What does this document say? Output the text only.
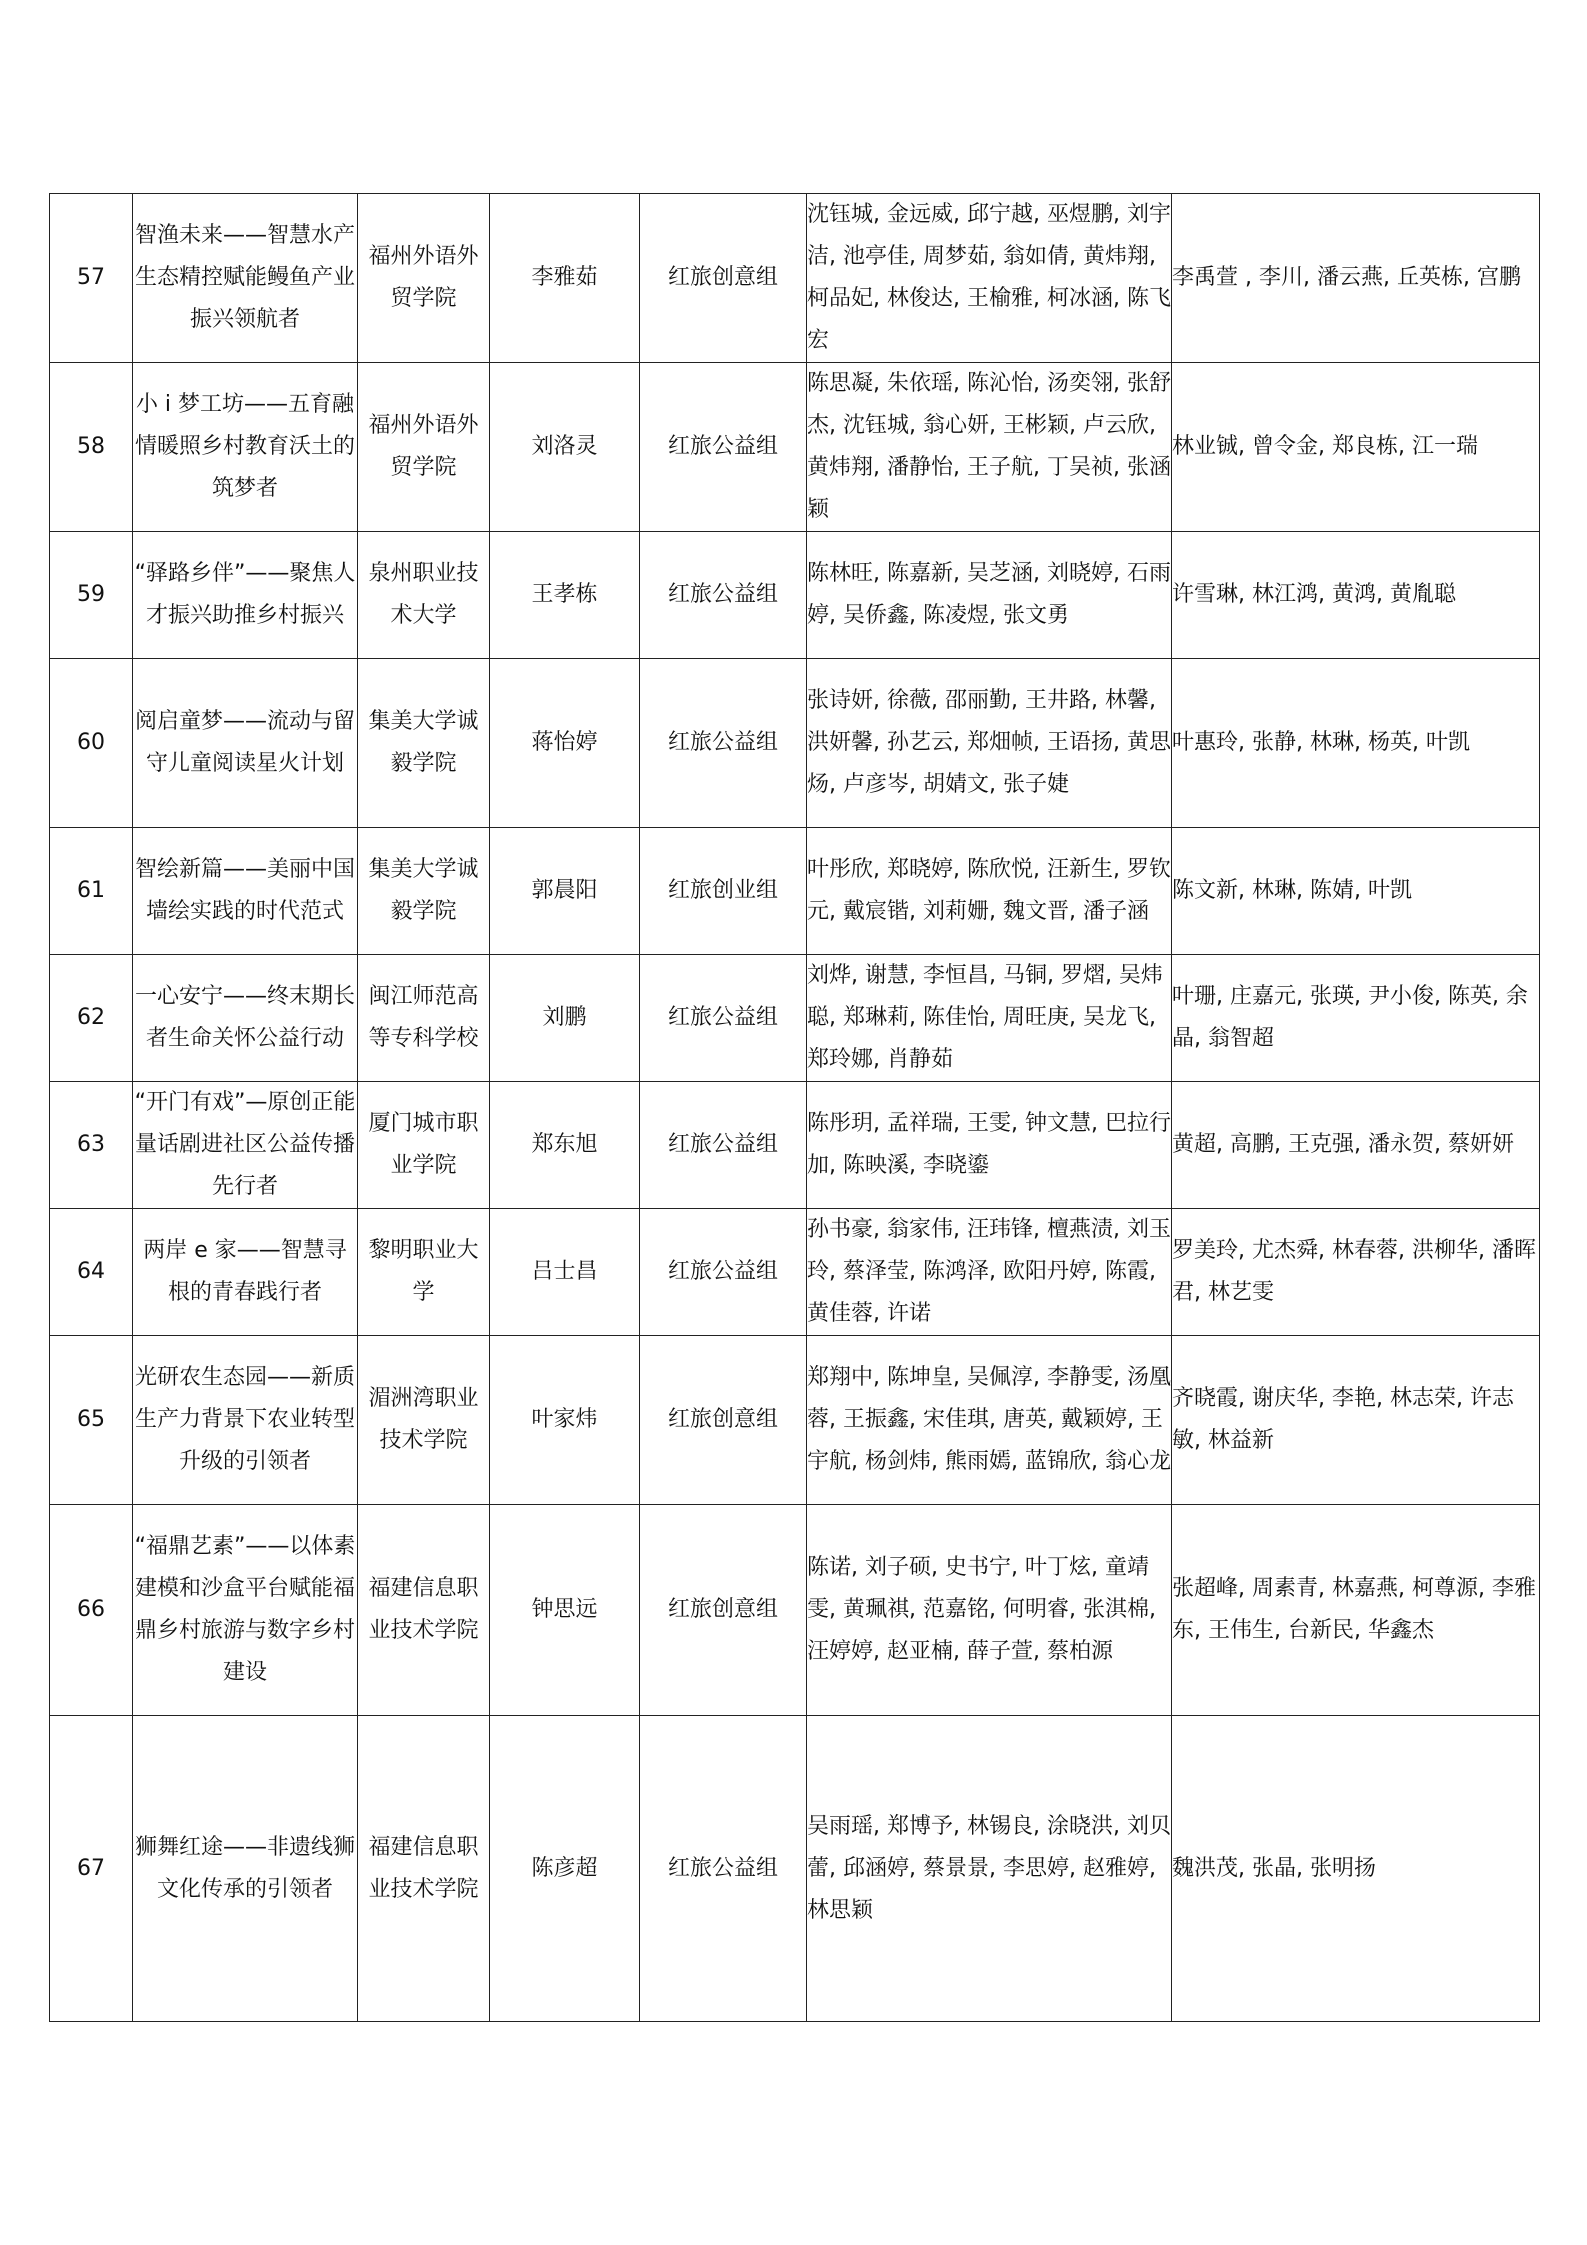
57	智渔未来——智慧水产生态精控赋能鳗鱼产业振兴领航者	福州外语外贸学院	李雅茹	红旅创意组	沈钰城, 金远威, 邱宁越, 巫煜鹏, 刘宇洁, 池亭佳, 周梦茹, 翁如倩, 黄炜翔, 柯品妃, 林俊达, 王榆雅, 柯冰涵, 陈飞宏	李禹萱 , 李川, 潘云燕, 丘英栋, 宫鹏
58	小 i 梦工坊——五育融情暖照乡村教育沃土的筑梦者	福州外语外贸学院	刘洛灵	红旅公益组	陈思凝, 朱依瑶, 陈沁怡, 汤奕翎, 张舒杰, 沈钰城, 翁心妍, 王彬颖, 卢云欣, 黄炜翔, 潘静怡, 王子航, 丁吴祯, 张涵颖	林业铖, 曾令金, 郑良栋, 江一瑞
59	“驿路乡伴”——聚焦人才振兴助推乡村振兴	泉州职业技术大学	王孝栋	红旅公益组	陈林旺, 陈嘉新, 吴芝涵, 刘晓婷, 石雨婷, 吴侨鑫, 陈凌煜, 张文勇	许雪琳, 林江鸿, 黄鸿, 黄胤聪
60	阅启童梦——流动与留守儿童阅读星火计划	集美大学诚毅学院	蒋怡婷	红旅公益组	张诗妍, 徐薇, 邵丽勤, 王井路, 林馨, 洪妍馨, 孙艺云, 郑畑帧, 王语扬, 黄思炀, 卢彦岑, 胡婧文, 张子婕	叶惠玲, 张静, 林琳, 杨英, 叶凯
61	智绘新篇——美丽中国墙绘实践的时代范式	集美大学诚毅学院	郭晨阳	红旅创业组	叶彤欣, 郑晓婷, 陈欣悦, 汪新生, 罗钦元, 戴宸锴, 刘莉姗, 魏文晋, 潘子涵	陈文新, 林琳, 陈婧, 叶凯
62	一心安宁——终末期长者生命关怀公益行动	闽江师范高等专科学校	刘鹏	红旅公益组	刘烨, 谢慧, 李恒昌, 马铜, 罗熠, 吴炜聪, 郑琳莉, 陈佳怡, 周旺庚, 吴龙飞, 郑玲娜, 肖静茹	叶珊, 庄嘉元, 张瑛, 尹小俊, 陈英, 余晶, 翁智超
63	“开门有戏”—原创正能量话剧进社区公益传播先行者	厦门城市职业学院	郑东旭	红旅公益组	陈彤玥, 孟祥瑞, 王雯, 钟文慧, 巴拉行加, 陈映溪, 李晓鎏	黄超, 高鹏, 王克强, 潘永贺, 蔡妍妍
64	两岸 e 家——智慧寻根的青春践行者	黎明职业大学	吕士昌	红旅公益组	孙书豪, 翁家伟, 汪玮锋, 檀燕渍, 刘玉玲, 蔡泽莹, 陈鸿泽, 欧阳丹婷, 陈霞, 黄佳蓉, 许诺	罗美玲, 尤杰舜, 林春蓉, 洪柳华, 潘晖君, 林艺雯
65	光研农生态园——新质生产力背景下农业转型升级的引领者	湄洲湾职业技术学院	叶家炜	红旅创意组	郑翔中, 陈坤皇, 吴佩淳, 李静雯, 汤凰蓉, 王振鑫, 宋佳琪, 唐英, 戴颖婷, 王宇航, 杨剑炜, 熊雨嫣, 蓝锦欣, 翁心龙	齐晓霞, 谢庆华, 李艳, 林志荣, 许志敏, 林益新
66	“福鼎艺素”——以体素建模和沙盒平台赋能福鼎乡村旅游与数字乡村建设	福建信息职业技术学院	钟思远	红旅创意组	陈诺, 刘子硕, 史书宁, 叶丁炫, 童靖雯, 黄珮祺, 范嘉铭, 何明睿, 张淇棉, 汪婷婷, 赵亚楠, 薛子萱, 蔡柏源	张超峰, 周素青, 林嘉燕, 柯尊源, 李雅东, 王伟生, 台新民, 华鑫杰
67	狮舞红途——非遗线狮文化传承的引领者	福建信息职业技术学院	陈彦超	红旅公益组	吴雨瑶, 郑博予, 林锡良, 涂晓洪, 刘贝蕾, 邱涵婷, 蔡景景, 李思婷, 赵雅婷, 林思颖	魏洪茂, 张晶, 张明扬
